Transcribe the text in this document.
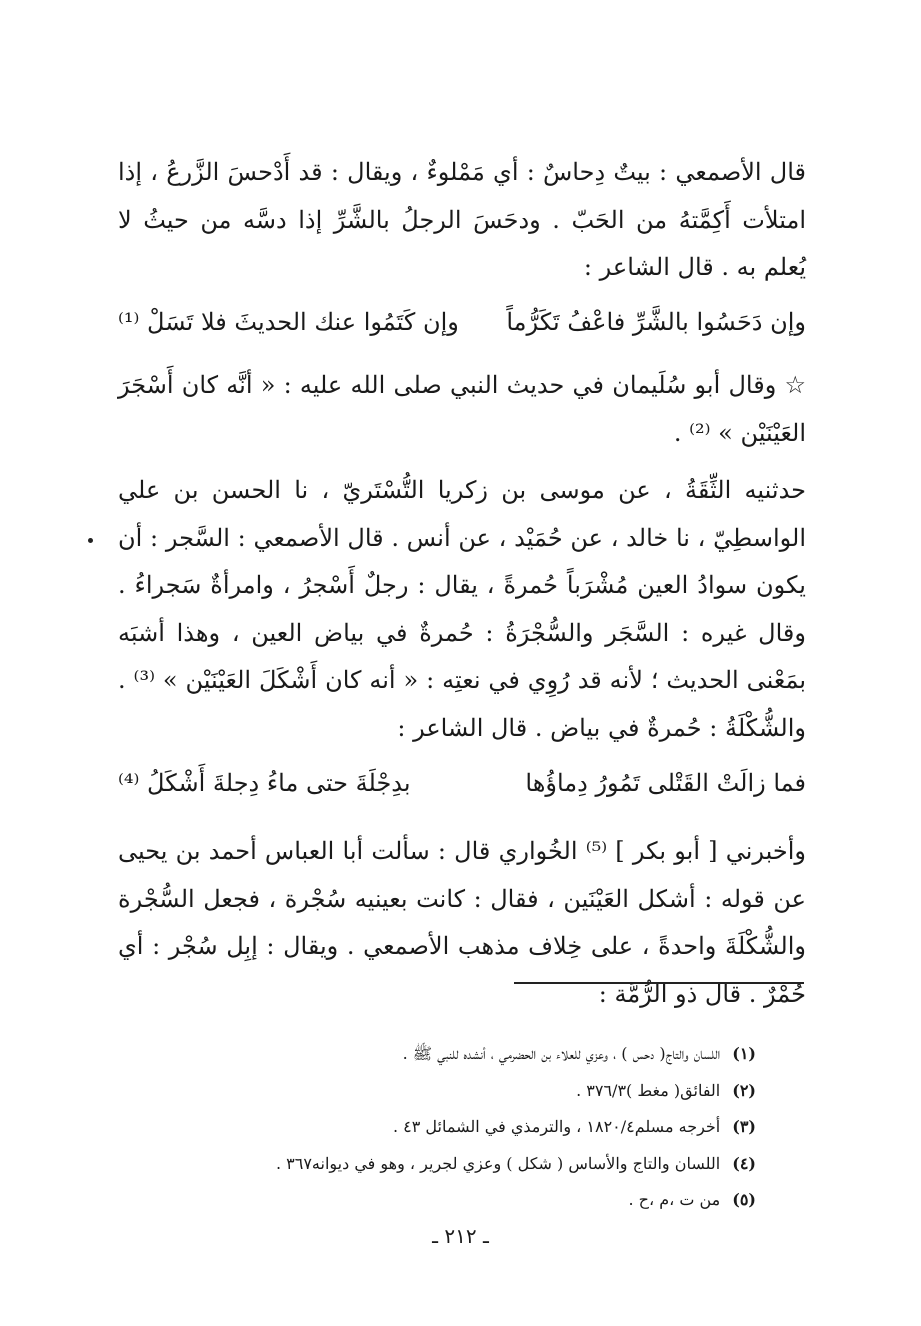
قال الأصمعي : بيتٌ دِحاسٌ : أي مَمْلوءٌ ، ويقال : قد أَدْحسَ الزَّرعُ ، إذا امتلأت أَكِمَّتهُ من الحَبّ . ودحَسَ الرجلُ بالشَّرِّ إذا دسَّه من حيثُ لا يُعلم به . قال الشاعر :

وإن دَحَسُوا بالشَّرِّ فاعْفُ تَكَرُّماً
وإن كَتَمُوا عنك الحديثَ فلا تَسَلْ ⁽¹⁾

☆ وقال أبو سُلَيمان في حديث النبي صلى الله عليه : « أنَّه كان أَسْجَرَ العَيْنَيْن » ⁽²⁾ .

حدثنيه الثِّقَةُ ، عن موسى بن زكريا التُّسْتَريّ ، نا الحسن بن علي الواسطِيّ ، نا خالد ، عن حُمَيْد ، عن أنس . قال الأصمعي : السَّجر : أن يكون سوادُ العين مُشْرَباً حُمرةً ، يقال : رجلٌ أَسْجرُ ، وامرأةٌ سَجراءُ . وقال غيره : السَّجَر والسُّجْرَةُ : حُمرةٌ في بياض العين ، وهذا أشبَه بمَعْنى الحديث ؛ لأنه قد رُوِي في نعتِه : « أنه كان أَشْكَلَ العَيْنَيْن » ⁽³⁾ . والشُّكْلَةُ : حُمرةٌ في بياض . قال الشاعر :

فما زالَتْ القَتْلى تَمُورُ دِماؤُها
بدِجْلَةَ حتى ماءُ دِجلةَ أَشْكَلُ ⁽⁴⁾

وأخبرني [ أبو بكر ] ⁽⁵⁾ الخُواري قال : سألت أبا العباس أحمد بن يحيى عن قوله : أشكل العَيْنَين ، فقال : كانت بعينيه سُجْرة ، فجعل السُّجْرة والشُّكْلَةَ واحدةً ، على خِلاف مذهب الأصمعي . ويقال : إبِل سُجْر : أي حُمْرٌ . قال ذو الرُّمَّة :

(١)اللسان والتاج( دحس ) ، وعزي للعلاء بن الحضرمي ، أنشده للنبي ﷺ .
(٢)الفائق( مغط )٣٧٦/٣ .
(٣)أخرجه مسلم١٨٢٠/٤ ، والترمذي في الشمائل ٤٣ .
(٤)اللسان والتاج والأساس ( شكل ) وعزي لجرير ، وهو في ديوانه٣٦٧ .
(٥)من ت ،م ،ح .
ـ ٢١٢ ـ
